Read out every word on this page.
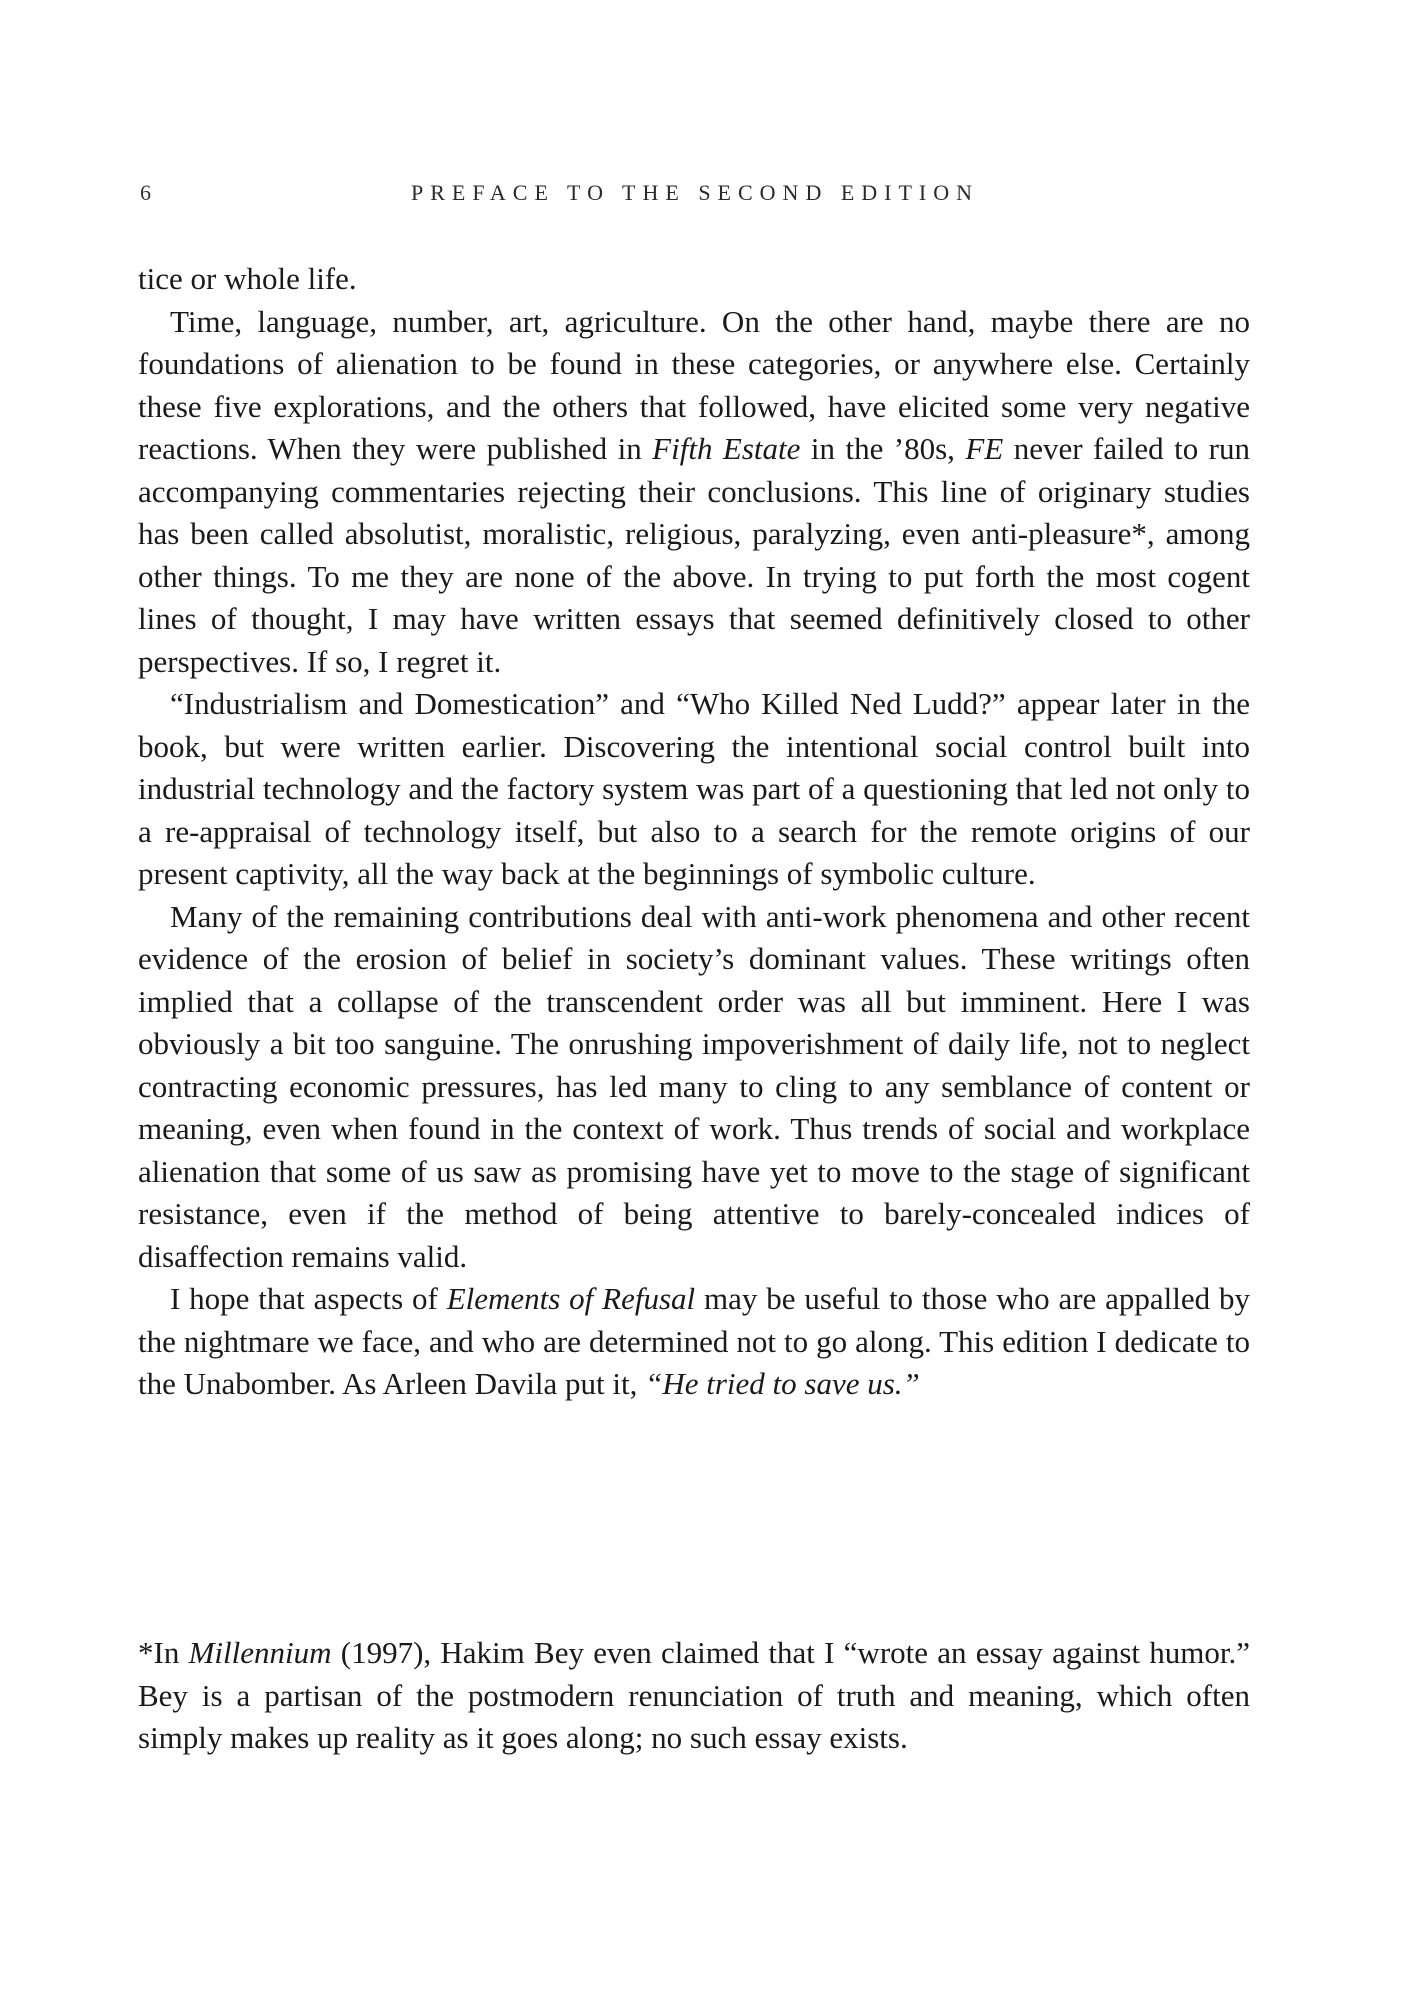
6	PREFACE TO THE SECOND EDITION

tice or whole life.

Time, language, number, art, agriculture. On the other hand, maybe there are no foundations of alienation to be found in these categories, or anywhere else. Certainly these five explorations, and the others that followed, have elicited some very negative reactions. When they were published in Fifth Estate in the ’80s, FE never failed to run accompanying commentaries rejecting their conclusions. This line of originary studies has been called absolutist, moralistic, religious, paralyzing, even anti-pleasure*, among other things. To me they are none of the above. In trying to put forth the most cogent lines of thought, I may have written essays that seemed definitively closed to other perspectives. If so, I regret it.

“Industrialism and Domestication” and “Who Killed Ned Ludd?” appear later in the book, but were written earlier. Discovering the intentional social control built into industrial technology and the factory system was part of a questioning that led not only to a re-appraisal of technology itself, but also to a search for the remote origins of our present captivity, all the way back at the beginnings of symbolic culture.

Many of the remaining contributions deal with anti-work phenomena and other recent evidence of the erosion of belief in society’s dominant values. These writings often implied that a collapse of the transcendent order was all but imminent. Here I was obviously a bit too sanguine. The onrushing impoverishment of daily life, not to neglect contracting economic pressures, has led many to cling to any semblance of content or meaning, even when found in the context of work. Thus trends of social and workplace alienation that some of us saw as promising have yet to move to the stage of significant resistance, even if the method of being attentive to barely-concealed indices of disaffection remains valid.

I hope that aspects of Elements of Refusal may be useful to those who are appalled by the nightmare we face, and who are determined not to go along. This edition I dedicate to the Unabomber. As Arleen Davila put it, “He tried to save us.”

*In Millennium (1997), Hakim Bey even claimed that I “wrote an essay against humor.” Bey is a partisan of the postmodern renunciation of truth and meaning, which often simply makes up reality as it goes along; no such essay exists.
